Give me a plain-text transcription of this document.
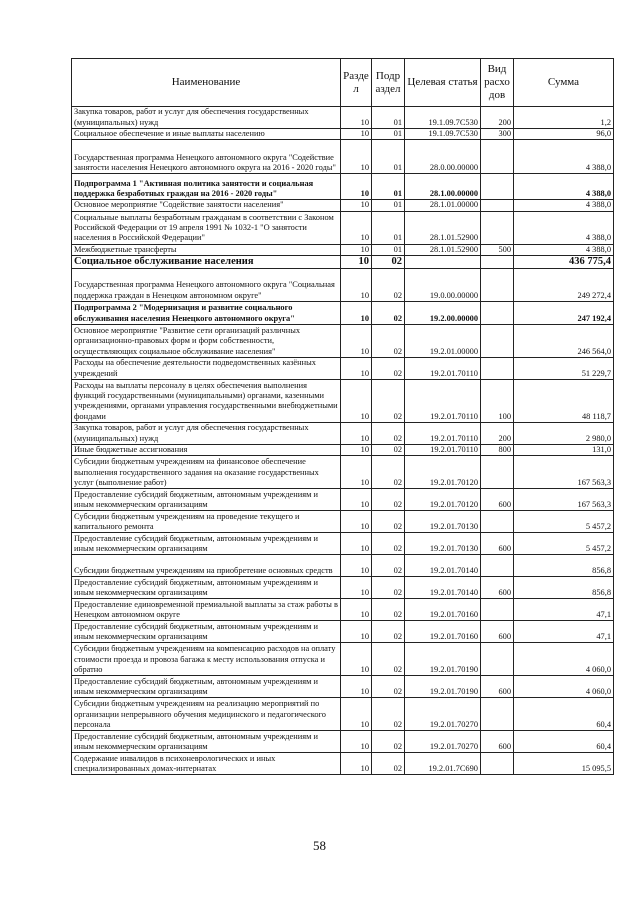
Наименование	Разде л	Подр аздел	Целевая статья	Вид расхо дов	Сумма
Закупка товаров, работ и услуг для обеспечения государственных (муниципальных) нужд	10	01	19.1.09.7C530	200	1,2
Социальное обеспечение и иные выплаты населению	10	01	19.1.09.7C530	300	96,0
Государственная программа Ненецкого автономного округа "Содействие занятости населения Ненецкого автономного округа на 2016 - 2020 годы"	10	01	28.0.00.00000		4 388,0
Подпрограмма 1 "Активная политика занятости и социальная поддержка безработных граждан на 2016 - 2020 годы"	10	01	28.1.00.00000		4 388,0
Основное мероприятие "Содействие занятости населения"	10	01	28.1.01.00000		4 388,0
Социальные выплаты безработным гражданам в соответствии с Законом Российской Федерации от 19 апреля 1991 № 1032-1 "О занятости населения в Российской Федерации"	10	01	28.1.01.52900		4 388,0
Межбюджетные трансферты	10	01	28.1.01.52900	500	4 388,0
Социальное обслуживание населения	10	02			436 775,4
Государственная программа Ненецкого автономного округа "Социальная поддержка граждан в Ненецком автономном округе"	10	02	19.0.00.00000		249 272,4
Подпрограмма 2 "Модернизация и развитие социального обслуживания населения Ненецкого автономного округа"	10	02	19.2.00.00000		247 192,4
Основное мероприятие "Развитие сети организаций различных организационно-правовых форм и форм собственности, осуществляющих социальное обслуживание населения"	10	02	19.2.01.00000		246 564,0
Расходы на обеспечение деятельности подведомственных казённых учреждений	10	02	19.2.01.70110		51 229,7
Расходы на выплаты персоналу в целях обеспечения выполнения функций государственными (муниципальными) органами, казенными учреждениями, органами управления государственными внебюджетными фондами	10	02	19.2.01.70110	100	48 118,7
Закупка товаров, работ и услуг для обеспечения государственных (муниципальных) нужд	10	02	19.2.01.70110	200	2 980,0
Иные бюджетные ассигнования	10	02	19.2.01.70110	800	131,0
Субсидии бюджетным учреждениям на финансовое обеспечение выполнения государственного задания на оказание государственных услуг (выполнение работ)	10	02	19.2.01.70120		167 563,3
Предоставление субсидий бюджетным, автономным учреждениям и иным некоммерческим организациям	10	02	19.2.01.70120	600	167 563,3
Субсидии бюджетным учреждениям на проведение текущего и капитального ремонта	10	02	19.2.01.70130		5 457,2
Предоставление субсидий бюджетным, автономным учреждениям и иным некоммерческим организациям	10	02	19.2.01.70130	600	5 457,2
Субсидии бюджетным учреждениям на приобретение основных средств	10	02	19.2.01.70140		856,8
Предоставление субсидий бюджетным, автономным учреждениям и иным некоммерческим организациям	10	02	19.2.01.70140	600	856,8
Предоставление единовременной премиальной выплаты за стаж работы в Ненецком автономном округе	10	02	19.2.01.70160		47,1
Предоставление субсидий бюджетным, автономным учреждениям и иным некоммерческим организациям	10	02	19.2.01.70160	600	47,1
Субсидии бюджетным учреждениям на компенсацию расходов на оплату стоимости проезда и провоза багажа к месту использования отпуска и обратно	10	02	19.2.01.70190		4 060,0
Предоставление субсидий бюджетным, автономным учреждениям и иным некоммерческим организациям	10	02	19.2.01.70190	600	4 060,0
Субсидии бюджетным учреждениям на реализацию мероприятий по организации непрерывного обучения медицинского и педагогического персонала	10	02	19.2.01.70270		60,4
Предоставление субсидий бюджетным, автономным учреждениям и иным некоммерческим организациям	10	02	19.2.01.70270	600	60,4
Содержание инвалидов в психоневрологических и иных специализированных домах-интернатах	10	02	19.2.01.7C690		15 095,5
58
